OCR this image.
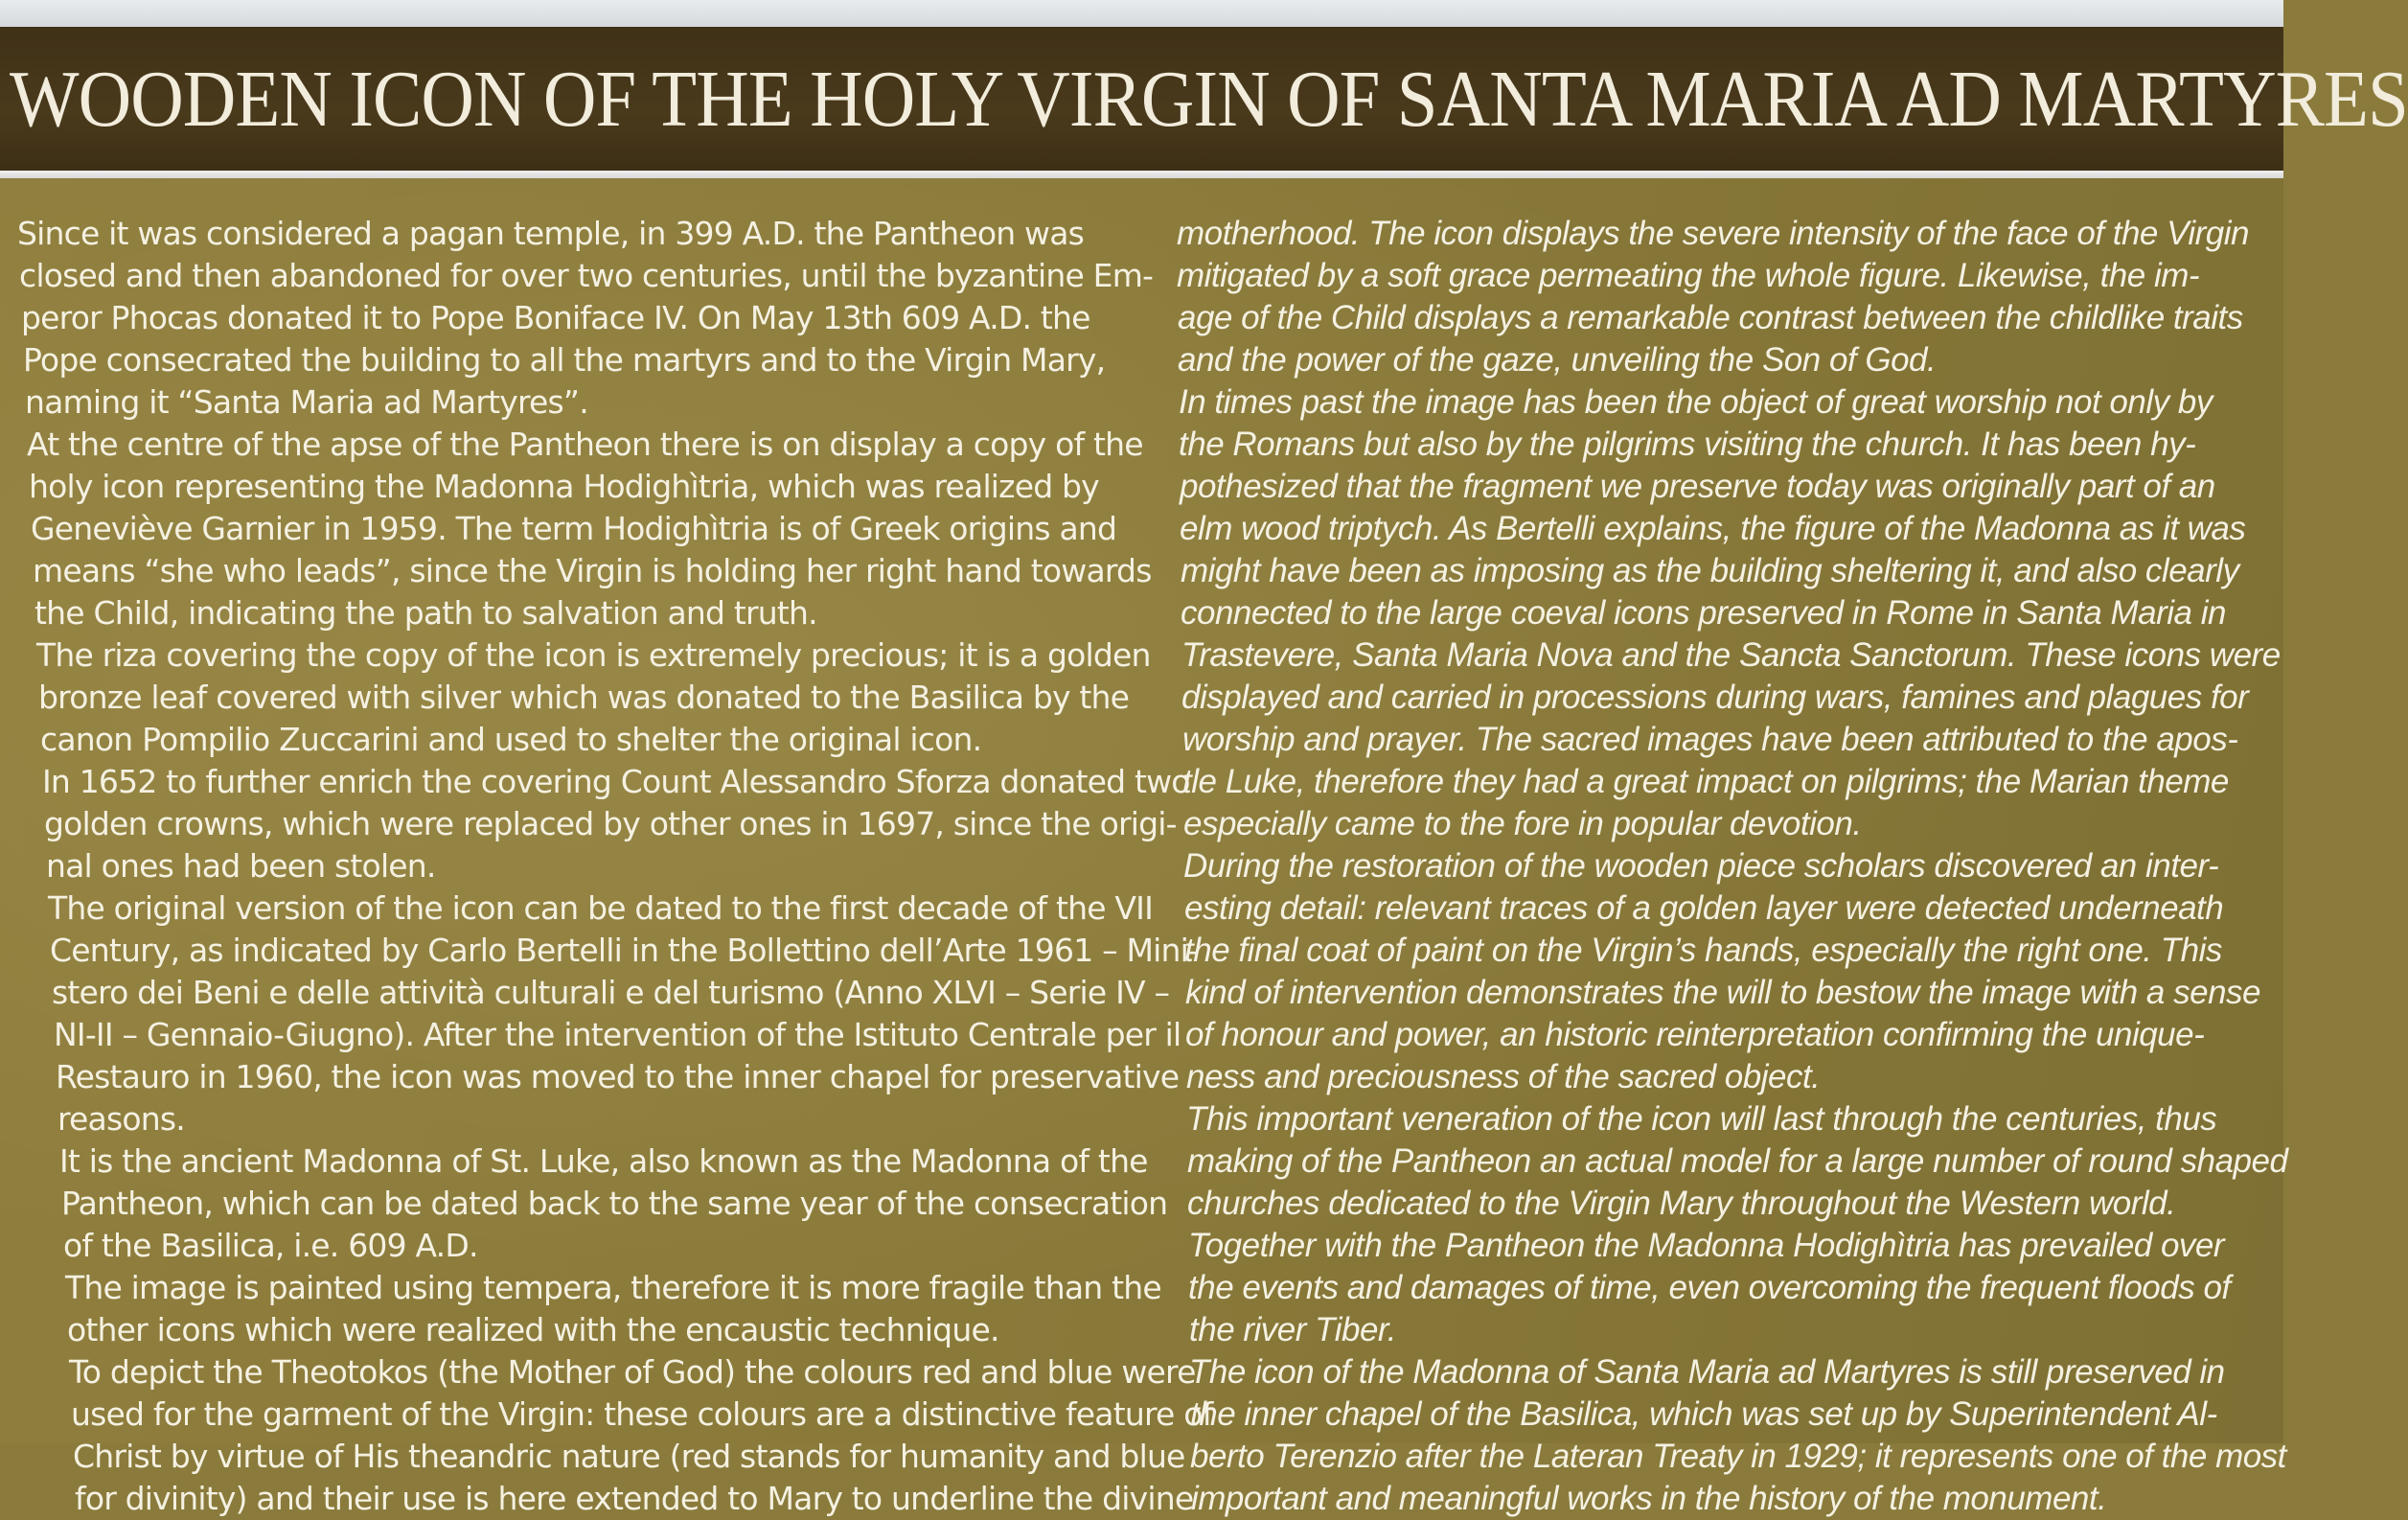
WOODEN ICON OF THE HOLY VIRGIN OF SANTA MARIA AD MARTYRES
Since it was considered a pagan temple, in 399 A.D. the Pantheon was
closed and then abandoned for over two centuries, until the byzantine Em-
peror Phocas donated it to Pope Boniface IV. On May 13th 609 A.D. the
Pope consecrated the building to all the martyrs and to the Virgin Mary,
naming it “Santa Maria ad Martyres”.
At the centre of the apse of the Pantheon there is on display a copy of the
holy icon representing the Madonna Hodighìtria, which was realized by
Geneviève Garnier in 1959. The term Hodighìtria is of Greek origins and
means “she who leads”, since the Virgin is holding her right hand towards
the Child, indicating the path to salvation and truth.
The riza covering the copy of the icon is extremely precious; it is a golden
bronze leaf covered with silver which was donated to the Basilica by the
canon Pompilio Zuccarini and used to shelter the original icon.
In 1652 to further enrich the covering Count Alessandro Sforza donated two
golden crowns, which were replaced by other ones in 1697, since the origi-
nal ones had been stolen.
The original version of the icon can be dated to the first decade of the VII
Century, as indicated by Carlo Bertelli in the Bollettino dell’Arte 1961 – Mini-
stero dei Beni e delle attività culturali e del turismo (Anno XLVI – Serie IV –
NI-II – Gennaio-Giugno). After the intervention of the Istituto Centrale per il
Restauro in 1960, the icon was moved to the inner chapel for preservative
reasons.
It is the ancient Madonna of St. Luke, also known as the Madonna of the
Pantheon, which can be dated back to the same year of the consecration
of the Basilica, i.e. 609 A.D.
The image is painted using tempera, therefore it is more fragile than the
other icons which were realized with the encaustic technique.
To depict the Theotokos (the Mother of God) the colours red and blue were
used for the garment of the Virgin: these colours are a distinctive feature of
Christ by virtue of His theandric nature (red stands for humanity and blue
for divinity) and their use is here extended to Mary to underline the divine
motherhood. The icon displays the severe intensity of the face of the Virgin
mitigated by a soft grace permeating the whole figure. Likewise, the im-
age of the Child displays a remarkable contrast between the childlike traits
and the power of the gaze, unveiling the Son of God.
In times past the image has been the object of great worship not only by
the Romans but also by the pilgrims visiting the church. It has been hy-
pothesized that the fragment we preserve today was originally part of an
elm wood triptych. As Bertelli explains, the figure of the Madonna as it was
might have been as imposing as the building sheltering it, and also clearly
connected to the large coeval icons preserved in Rome in Santa Maria in
Trastevere, Santa Maria Nova and the Sancta Sanctorum. These icons were
displayed and carried in processions during wars, famines and plagues for
worship and prayer. The sacred images have been attributed to the apos-
tle Luke, therefore they had a great impact on pilgrims; the Marian theme
especially came to the fore in popular devotion.
During the restoration of the wooden piece scholars discovered an inter-
esting detail: relevant traces of a golden layer were detected underneath
the final coat of paint on the Virgin’s hands, especially the right one. This
kind of intervention demonstrates the will to bestow the image with a sense
of honour and power, an historic reinterpretation confirming the unique-
ness and preciousness of the sacred object.
This important veneration of the icon will last through the centuries, thus
making of the Pantheon an actual model for a large number of round shaped
churches dedicated to the Virgin Mary throughout the Western world.
Together with the Pantheon the Madonna Hodighìtria has prevailed over
the events and damages of time, even overcoming the frequent floods of
the river Tiber.
The icon of the Madonna of Santa Maria ad Martyres is still preserved in
the inner chapel of the Basilica, which was set up by Superintendent Al-
berto Terenzio after the Lateran Treaty in 1929; it represents one of the most
important and meaningful works in the history of the monument.
